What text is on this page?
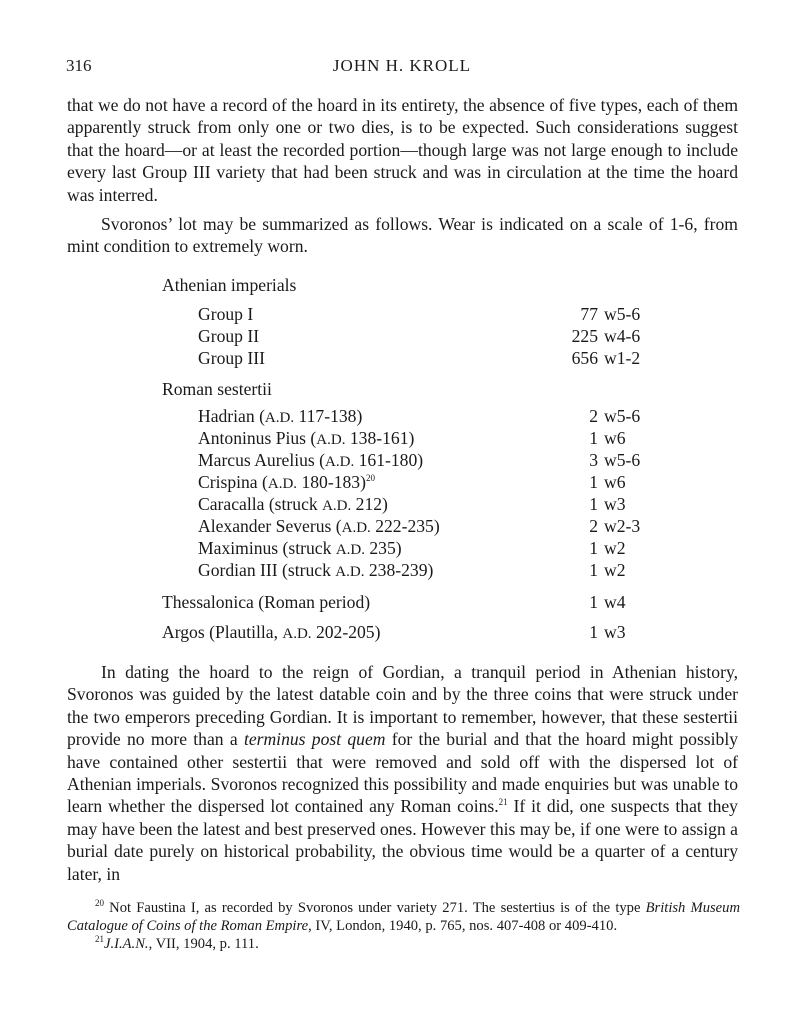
316	JOHN H. KROLL

that we do not have a record of the hoard in its entirety, the absence of five types, each of them apparently struck from only one or two dies, is to be expected. Such considerations suggest that the hoard—or at least the recorded portion—though large was not large enough to include every last Group III variety that had been struck and was in circulation at the time the hoard was interred.

Svoronos’ lot may be summarized as follows. Wear is indicated on a scale of 1-6, from mint condition to extremely worn.

Athenian imperials
Group I	77 w5-6
Group II	225 w4-6
Group III	656 w1-2
Roman sestertii
Hadrian (A.D. 117-138)	2 w5-6
Antoninus Pius (A.D. 138-161)	1 w6
Marcus Aurelius (A.D. 161-180)	3 w5-6
Crispina (A.D. 180-183)$^{20}$	1 w6
Caracalla (struck A.D. 212)	1 w3
Alexander Severus (A.D. 222-235)	2 w2-3
Maximinus (struck A.D. 235)	1 w2
Gordian III (struck A.D. 238-239)	1 w2
Thessalonica (Roman period)	1 w4
Argos (Plautilla, A.D. 202-205)	1 w3

In dating the hoard to the reign of Gordian, a tranquil period in Athenian history, Svoronos was guided by the latest datable coin and by the three coins that were struck under the two emperors preceding Gordian. It is important to remember, however, that these sestertii provide no more than a terminus post quem for the burial and that the hoard might possibly have contained other sestertii that were removed and sold off with the dispersed lot of Athenian imperials. Svoronos recognized this possibility and made enquiries but was unable to learn whether the dispersed lot contained any Roman coins.$^{21}$ If it did, one suspects that they may have been the latest and best preserved ones. However this may be, if one were to assign a burial date purely on historical probability, the obvious time would be a quarter of a century later, in

$^{20}$ Not Faustina I, as recorded by Svoronos under variety 271. The sestertius is of the type British Museum Catalogue of Coins of the Roman Empire, IV, London, 1940, p. 765, nos. 407-408 or 409-410.

$^{21}$J.I.A.N., VII, 1904, p. 111.
